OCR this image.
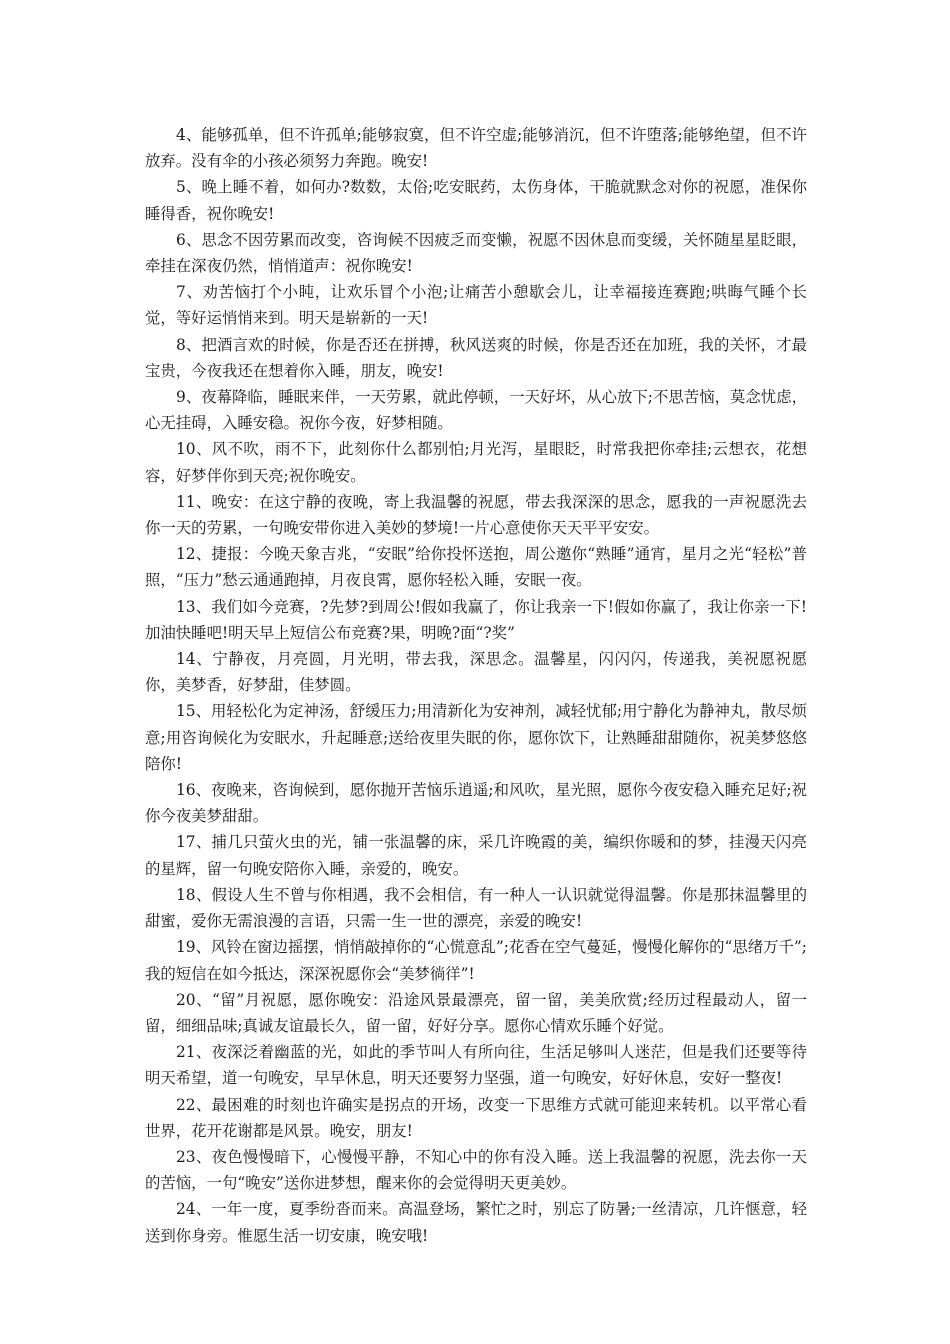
4、能够孤单，但不许孤单;能够寂寞，但不许空虚;能够消沉，但不许堕落;能够绝望，但不许放弃。没有伞的小孩必须努力奔跑。晚安!

5、晚上睡不着，如何办?数数，太俗;吃安眠药，太伤身体，干脆就默念对你的祝愿，准保你睡得香，祝你晚安!

6、思念不因劳累而改变，咨询候不因疲乏而变懒，祝愿不因休息而变缓，关怀随星星眨眼，牵挂在深夜仍然，悄悄道声：祝你晚安!

7、劝苦恼打个小盹，让欢乐冒个小泡;让痛苦小憩歇会儿，让幸福接连赛跑;哄晦气睡个长觉，等好运悄悄来到。明天是崭新的一天!

8、把酒言欢的时候，你是否还在拼搏，秋风送爽的时候，你是否还在加班，我的关怀，才最宝贵，今夜我还在想着你入睡，朋友，晚安!

9、夜幕降临，睡眠来伴，一天劳累，就此停顿，一天好坏，从心放下;不思苦恼，莫念忧虑，心无挂碍，入睡安稳。祝你今夜，好梦相随。

10、风不吹，雨不下，此刻你什么都别怕;月光泻，星眼眨，时常我把你牵挂;云想衣，花想容，好梦伴你到天亮;祝你晚安。

11、晚安：在这宁静的夜晚，寄上我温馨的祝愿，带去我深深的思念，愿我的一声祝愿洗去你一天的劳累，一句晚安带你进入美妙的梦境!一片心意使你天天平平安安。

12、捷报：今晚天象吉兆，“安眠”给你投怀送抱，周公邀你“熟睡”通宵，星月之光“轻松”普照，“压力”愁云通通跑掉，月夜良霄，愿你轻松入睡，安眠一夜。

13、我们如今竞赛，?先梦?到周公!假如我赢了，你让我亲一下!假如你赢了，我让你亲一下!加油快睡吧!明天早上短信公布竞赛?果，明晚?面“?奖”

14、宁静夜，月亮圆，月光明，带去我，深思念。温馨星，闪闪闪，传递我，美祝愿祝愿你，美梦香，好梦甜，佳梦圆。

15、用轻松化为定神汤，舒缓压力;用清新化为安神剂，减轻忧郁;用宁静化为静神丸，散尽烦意;用咨询候化为安眠水，升起睡意;送给夜里失眠的你，愿你饮下，让熟睡甜甜随你，祝美梦悠悠陪你!

16、夜晚来，咨询候到，愿你抛开苦恼乐逍遥;和风吹，星光照，愿你今夜安稳入睡充足好;祝你今夜美梦甜甜。

17、捕几只萤火虫的光，铺一张温馨的床，采几许晚霞的美，编织你暖和的梦，挂漫天闪亮的星辉，留一句晚安陪你入睡，亲爱的，晚安。

18、假设人生不曾与你相遇，我不会相信，有一种人一认识就觉得温馨。你是那抹温馨里的甜蜜，爱你无需浪漫的言语，只需一生一世的漂亮，亲爱的晚安!

19、风铃在窗边摇摆，悄悄敲掉你的“心慌意乱”;花香在空气蔓延，慢慢化解你的“思绪万千”;我的短信在如今抵达，深深祝愿你会“美梦徜徉”!

20、“留”月祝愿，愿你晚安：沿途风景最漂亮，留一留，美美欣赏;经历过程最动人，留一留，细细品味;真诚友谊最长久，留一留，好好分享。愿你心情欢乐睡个好觉。

21、夜深泛着幽蓝的光，如此的季节叫人有所向往，生活足够叫人迷茫，但是我们还要等待明天希望，道一句晚安，早早休息，明天还要努力坚强，道一句晚安，好好休息，安好一整夜!

22、最困难的时刻也许确实是拐点的开场，改变一下思维方式就可能迎来转机。以平常心看世界，花开花谢都是风景。晚安，朋友!

23、夜色慢慢暗下，心慢慢平静，不知心中的你有没入睡。送上我温馨的祝愿，洗去你一天的苦恼，一句“晚安”送你进梦想，醒来你的会觉得明天更美妙。

24、一年一度，夏季纷沓而来。高温登场，繁忙之时，别忘了防暑;一丝清凉，几许惬意，轻送到你身旁。惟愿生活一切安康，晚安哦!
